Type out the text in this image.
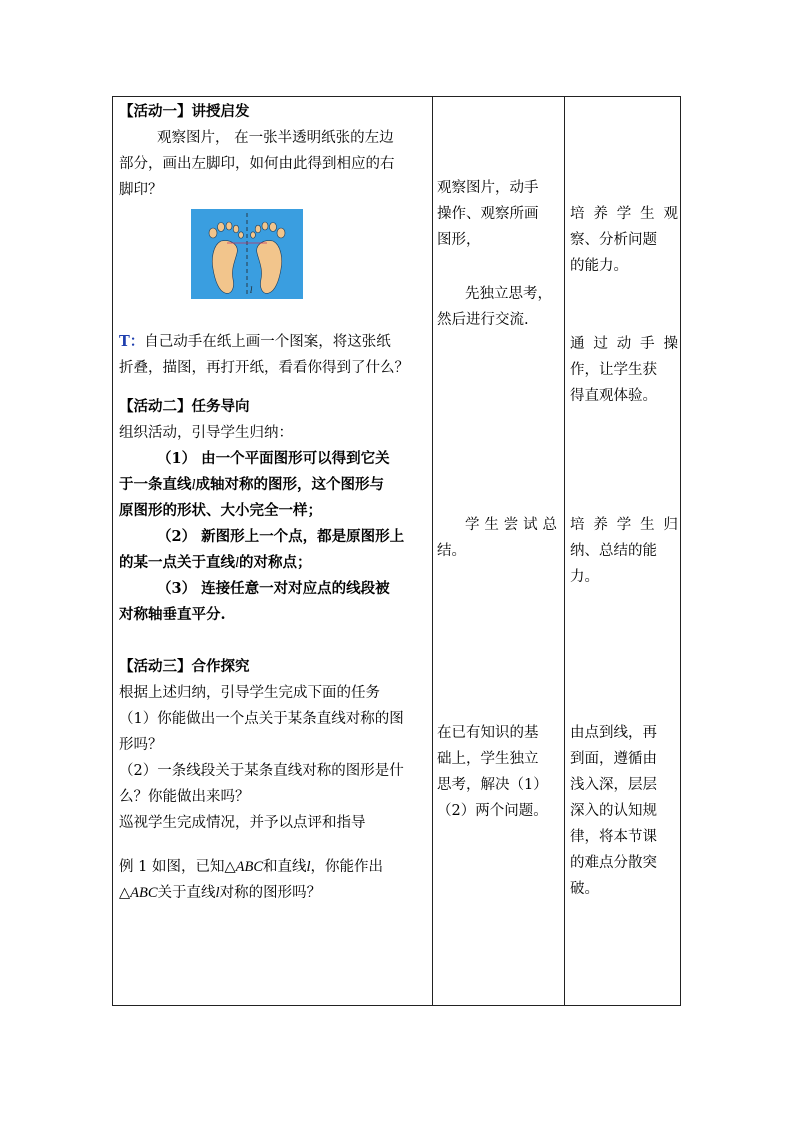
【活动一】讲授启发

观察图片， 在一张半透明纸张的左边

部分，画出左脚印，如何由此得到相应的右

脚印？

l

T：自己动手在纸上画一个图案，将这张纸

折叠，描图，再打开纸，看看你得到了什么？

【活动二】任务导向

组织活动，引导学生归纳：

（1） 由一个平面图形可以得到它关

于一条直线l成轴对称的图形，这个图形与

原图形的形状、大小完全一样；

（2） 新图形上一个点，都是原图形上

的某一点关于直线l的对称点；

（3） 连接任意一对对应点的线段被

对称轴垂直平分.

【活动三】合作探究

根据上述归纳，引导学生完成下面的任务

（1）你能做出一个点关于某条直线对称的图

形吗？

（2）一条线段关于某条直线对称的图形是什

么？你能做出来吗？

巡视学生完成情况，并予以点评和指导

例 1 如图，已知△ABC和直线l，你能作出

△ABC关于直线l对称的图形吗？

观察图片，动手

操作、观察所画

图形，

先独立思考，

然后进行交流.

学生尝试总

结。

在已有知识的基

础上，学生独立

思考，解决（1）

（2）两个问题。

培养学生观

察、分析问题

的能力。

通过动手操

作，让学生获

得直观体验。

培养学生归

纳、总结的能

力。

由点到线，再

到面，遵循由

浅入深，层层

深入的认知规

律，将本节课

的难点分散突

破。
